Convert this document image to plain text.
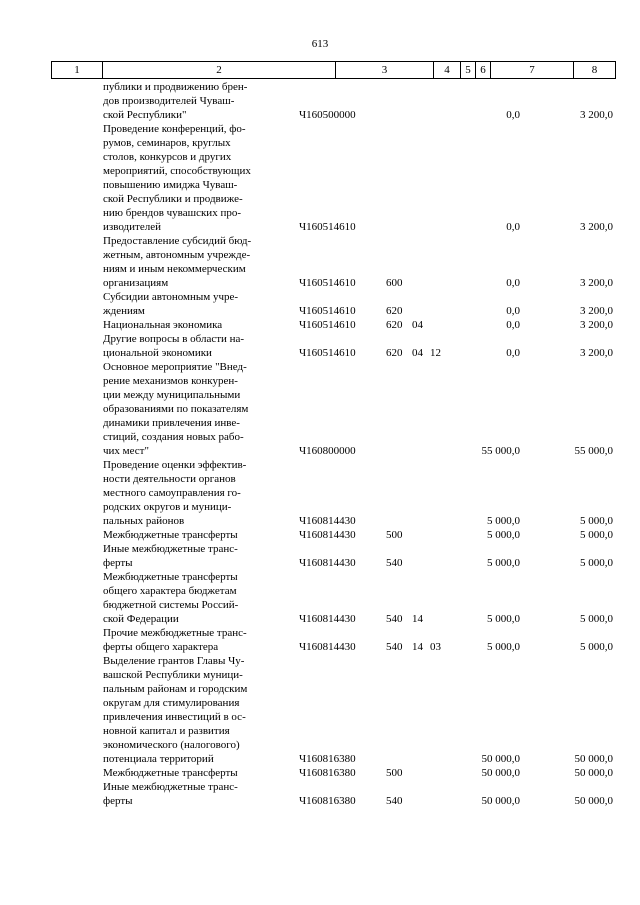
613
1	2	3	4	5 6	7	8
публики и продвижению брен-
дов производителей Чуваш-
ской Республики"	Ч160500000	0,0	3 200,0
Проведение конференций, фо-
румов, семинаров, круглых
столов, конкурсов и других
мероприятий, способствующих
повышению имиджа Чуваш-
ской Республики и продвиже-
нию брендов чувашских про-
изводителей	Ч160514610	0,0	3 200,0
Предоставление субсидий бюд-
жетным, автономным учрежде-
ниям и иным некоммерческим
организациям	Ч160514610	600	0,0	3 200,0
Субсидии автономным учре-
ждениям	Ч160514610	620	0,0	3 200,0
Национальная экономика	Ч160514610	620 04	0,0	3 200,0
Другие вопросы в области на-
циональной экономики	Ч160514610	620 04 12	0,0	3 200,0
Основное мероприятие "Внед-
рение механизмов конкурен-
ции между муниципальными
образованиями по показателям
динамики привлечения инве-
стиций, создания новых рабо-
чих мест"	Ч160800000	55 000,0	55 000,0
Проведение оценки эффектив-
ности деятельности органов
местного самоуправления го-
родских округов и муници-
пальных районов	Ч160814430	5 000,0	5 000,0
Межбюджетные трансферты	Ч160814430	500	5 000,0	5 000,0
Иные межбюджетные транс-
ферты	Ч160814430	540	5 000,0	5 000,0
Межбюджетные трансферты
общего характера бюджетам
бюджетной системы Россий-
ской Федерации	Ч160814430	540 14	5 000,0	5 000,0
Прочие межбюджетные транс-
ферты общего характера	Ч160814430	540 14 03	5 000,0	5 000,0
Выделение грантов Главы Чу-
вашской Республики муници-
пальным районам и городским
округам для стимулирования
привлечения инвестиций в ос-
новной капитал и развития
экономического (налогового)
потенциала территорий	Ч160816380	50 000,0	50 000,0
Межбюджетные трансферты	Ч160816380	500	50 000,0	50 000,0
Иные межбюджетные транс-
ферты	Ч160816380	540	50 000,0	50 000,0
